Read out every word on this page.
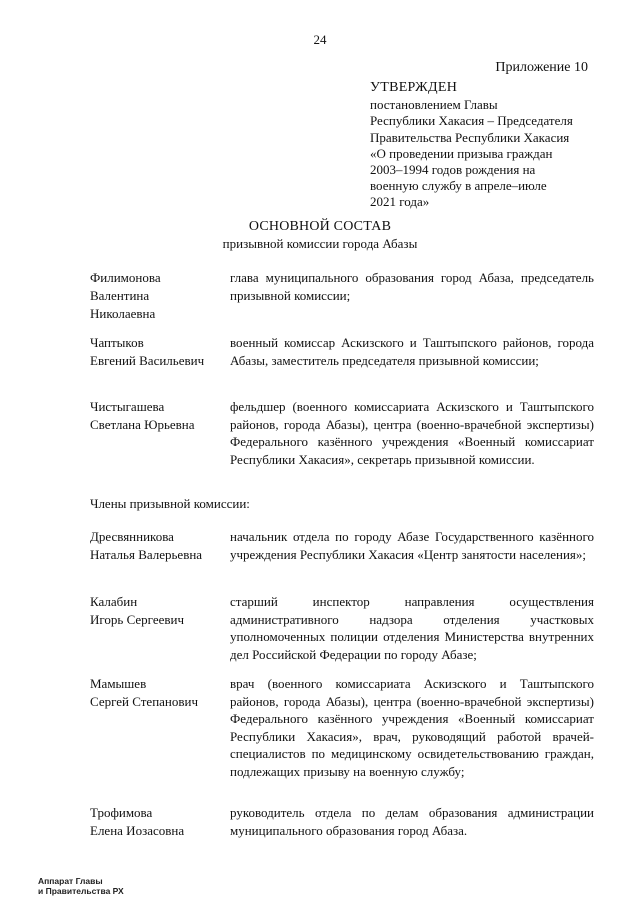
24
Приложение 10
УТВЕРЖДЕН
постановлением Главы
Республики Хакасия – Председателя
Правительства Республики Хакасия
«О проведении призыва граждан
2003–1994 годов рождения на
военную службу в апреле–июле
2021 года»
ОСНОВНОЙ СОСТАВ
призывной комиссии города Абазы
Филимонова
Валентина
Николаевна
глава муниципального образования город Абаза, председатель призывной комиссии;
Чаптыков
Евгений Васильевич
военный комиссар Аскизского и Таштыпского районов, города Абазы, заместитель председателя призывной комиссии;
Чистыгашева
Светлана Юрьевна
фельдшер (военного комиссариата Аскизского и Таштыпского районов, города Абазы), центра (военно-врачебной экспертизы) Федерального казённого учреждения «Военный комиссариат Республики Хакасия», секретарь призывной комиссии.
Члены призывной комиссии:
Дресвянникова
Наталья Валерьевна
начальник отдела по городу Абазе Государственного казённого учреждения Республики Хакасия «Центр занятости населения»;
Калабин
Игорь Сергеевич
старший инспектор направления осуществления административного надзора отделения участковых уполномоченных полиции отделения Министерства внутренних дел Российской Федерации по городу Абазе;
Мамышев
Сергей Степанович
врач (военного комиссариата Аскизского и Таштыпского районов, города Абазы), центра (военно-врачебной экспертизы) Федерального казённого учреждения «Военный комиссариат Республики Хакасия», врач, руководящий работой врачей-специалистов по медицинскому освидетельствованию граждан, подлежащих призыву на военную службу;
Трофимова
Елена Иозасовна
руководитель отдела по делам образования администрации муниципального образования город Абаза.
Аппарат Главы
и Правительства РХ
